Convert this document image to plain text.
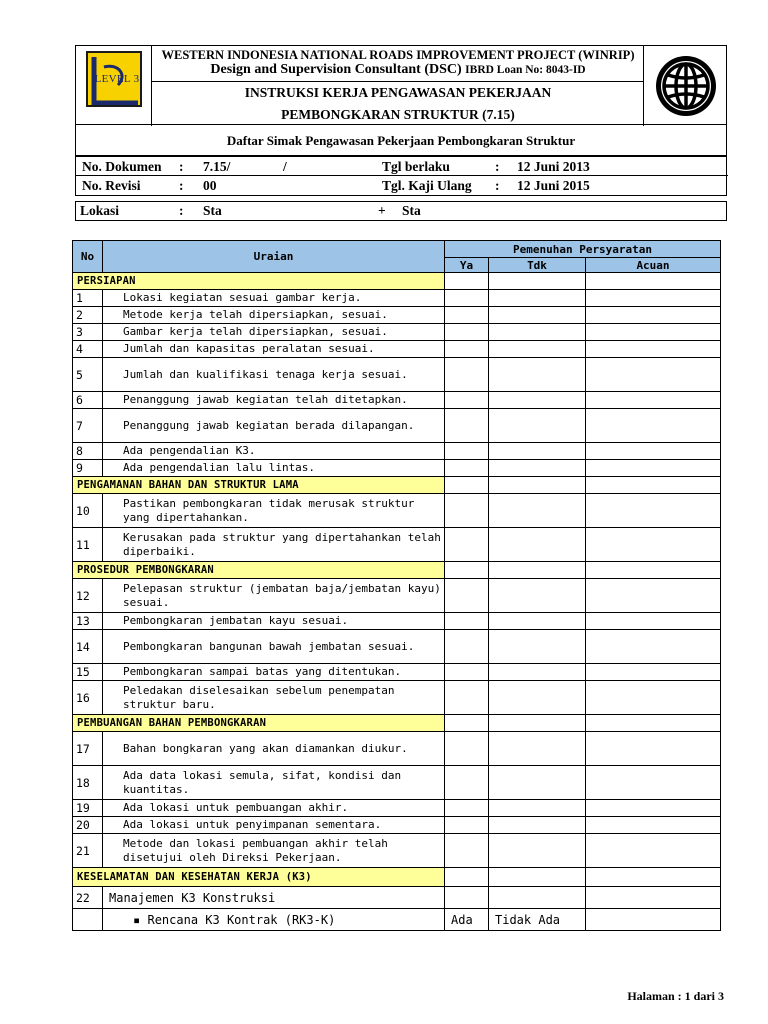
LEVEL 3
WESTERN INDONESIA NATIONAL ROADS IMPROVEMENT PROJECT (WINRIP)
Design and Supervision Consultant (DSC) IBRD Loan No: 8043-ID
INSTRUKSI KERJA PENGAWASAN PEKERJAAN
PEMBONGKARAN STRUKTUR (7.15)
Daftar Simak Pengawasan Pekerjaan Pembongkaran Struktur
No. Dokumen : 7.15/	/	Tgl berlaku	: 12 Juni 2013
No. Revisi	: 00	Tgl. Kaji Ulang : 12 Juni 2015
Lokasi	: Sta	+ Sta
No	Uraian	Pemenuhan Persyaratan		
		Ya	Tdk	Acuan
PERSIAPAN				
1	Lokasi kegiatan sesuai gambar kerja.			
2	Metode kerja telah dipersiapkan, sesuai.			
3	Gambar kerja telah dipersiapkan, sesuai.			
4	Jumlah dan kapasitas peralatan sesuai.			
5	Jumlah dan kualifikasi tenaga kerja sesuai.			
6	Penanggung jawab kegiatan telah ditetapkan.			
7	Penanggung jawab kegiatan berada dilapangan.			
8	Ada pengendalian K3.			
9	Ada pengendalian lalu lintas.			
PENGAMANAN BAHAN DAN STRUKTUR LAMA				
10	Pastikan pembongkaran tidak merusak struktur yang dipertahankan.			
11	Kerusakan pada struktur yang dipertahankan telah diperbaiki.			
PROSEDUR PEMBONGKARAN				
12	Pelepasan struktur (jembatan baja/jembatan kayu) sesuai.			
13	Pembongkaran jembatan kayu sesuai.			
14	Pembongkaran bangunan bawah jembatan sesuai.			
15	Pembongkaran sampai batas yang ditentukan.			
16	Peledakan diselesaikan sebelum penempatan struktur baru.			
PEMBUANGAN BAHAN PEMBONGKARAN				
17	Bahan bongkaran yang akan diamankan diukur.			
18	Ada data lokasi semula, sifat, kondisi dan kuantitas.			
19	Ada lokasi untuk pembuangan akhir.			
20	Ada lokasi untuk penyimpanan sementara.			
21	Metode dan lokasi pembuangan akhir telah disetujui oleh Direksi Pekerjaan.			
KESELAMATAN DAN KESEHATAN KERJA (K3)				
22	Manajemen K3 Konstruksi			
	▪ Rencana K3 Kontrak (RK3-K)	Ada	Tidak Ada	
Halaman : 1 dari 3
